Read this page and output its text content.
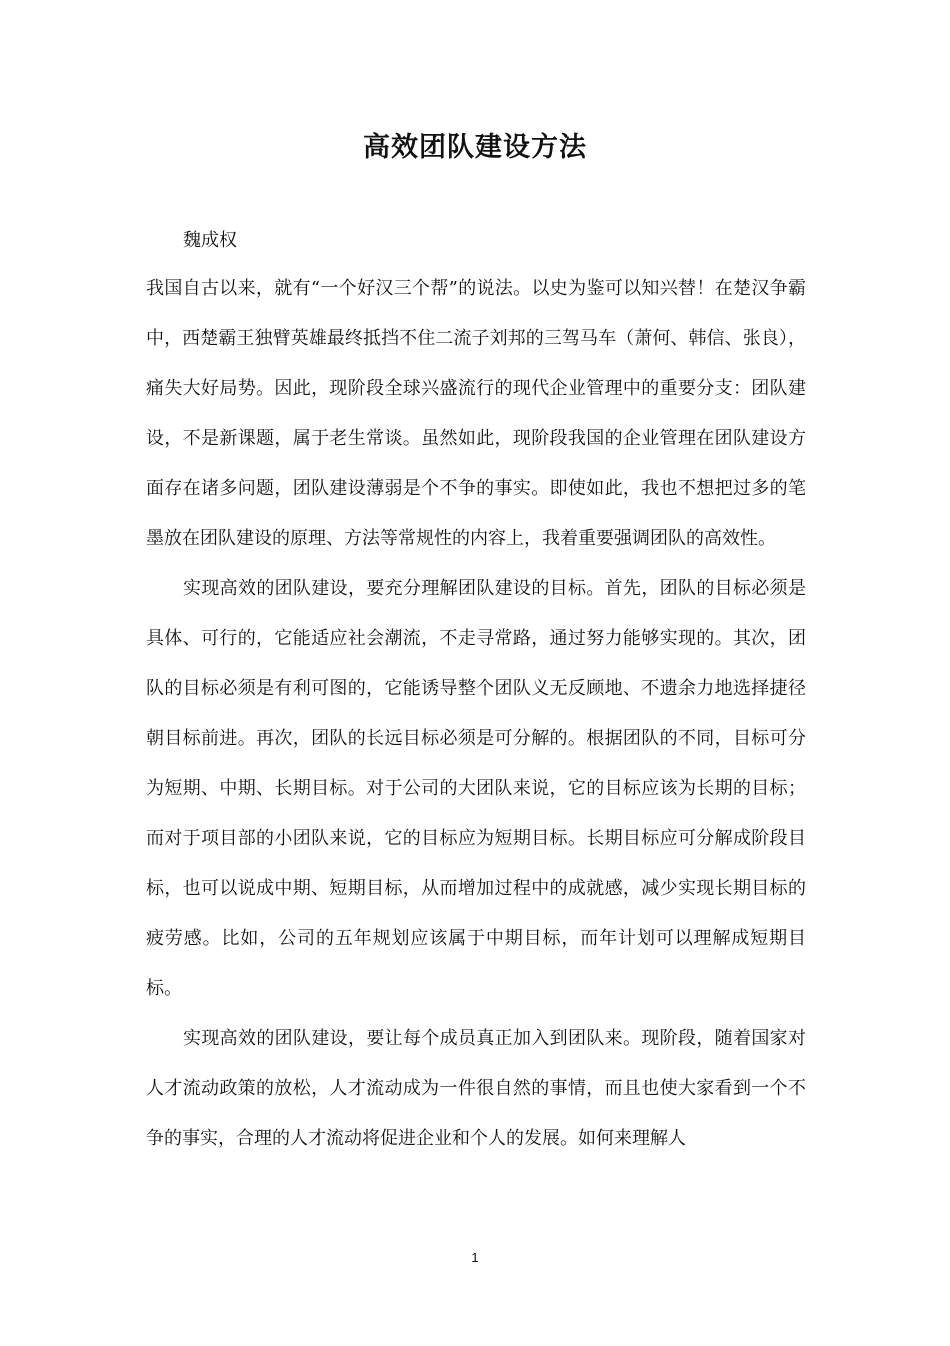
高效团队建设方法

魏成权

我国自古以来，就有“一个好汉三个帮”的说法。以史为鉴可以知兴替！在楚汉争霸中，西楚霸王独臂英雄最终抵挡不住二流子刘邦的三驾马车（萧何、韩信、张良），痛失大好局势。因此，现阶段全球兴盛流行的现代企业管理中的重要分支：团队建设，不是新课题，属于老生常谈。虽然如此，现阶段我国的企业管理在团队建设方面存在诸多问题，团队建设薄弱是个不争的事实。即使如此，我也不想把过多的笔墨放在团队建设的原理、方法等常规性的内容上，我着重要强调团队的高效性。

实现高效的团队建设，要充分理解团队建设的目标。首先，团队的目标必须是具体、可行的，它能适应社会潮流，不走寻常路，通过努力能够实现的。其次，团队的目标必须是有利可图的，它能诱导整个团队义无反顾地、不遗余力地选择捷径朝目标前进。再次，团队的长远目标必须是可分解的。根据团队的不同，目标可分为短期、中期、长期目标。对于公司的大团队来说，它的目标应该为长期的目标；而对于项目部的小团队来说，它的目标应为短期目标。长期目标应可分解成阶段目标，也可以说成中期、短期目标，从而增加过程中的成就感，减少实现长期目标的疲劳感。比如，公司的五年规划应该属于中期目标，而年计划可以理解成短期目标。

实现高效的团队建设，要让每个成员真正加入到团队来。现阶段，随着国家对人才流动政策的放松，人才流动成为一件很自然的事情，而且也使大家看到一个不争的事实，合理的人才流动将促进企业和个人的发展。如何来理解人

1
